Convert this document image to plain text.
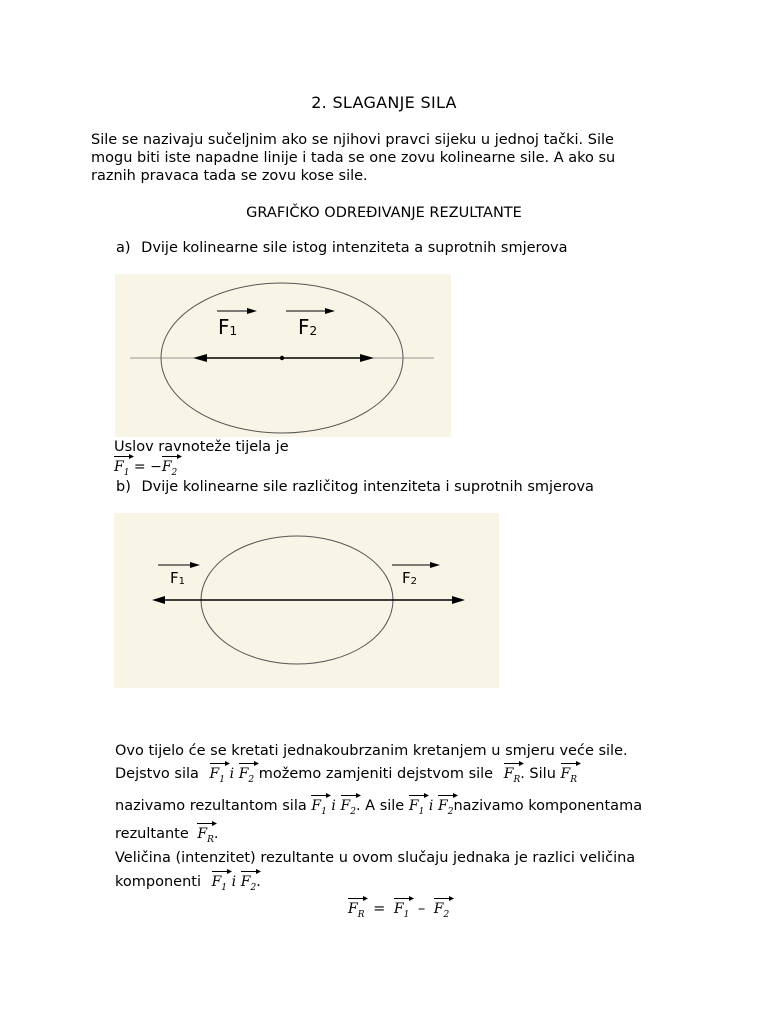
2. SLAGANJE SILA
Sile se nazivaju sučeljnim ako se njihovi pravci sijeku u jednoj tački. Sile
mogu biti iste napadne linije i tada se one zovu kolinearne sile. A ako su
raznih pravaca tada se zovu kose sile.
GRAFIČKO ODREĐIVANJE REZULTANTE
a) Dvije kolinearne sile istog intenziteta a suprotnih smjerova
F1	F2
Uslov ravnoteže tijela je
$F_1$ = −
$F_2$
b) Dvije kolinearne sile različitog intenziteta i suprotnih smjerova
F1	F2
Ovo tijelo će se kretati jednakoubrzanim kretanjem u smjeru veće sile.
Dejstvo sila $F_1$ i $F_2$ možemo zamjeniti dejstvom sile $F_R$. Silu $F_R$
nazivamo rezultantom sila $F_1$ i $F_2$. A sile $F_1$ i $F_2nazivamo$ komponentama
rezultante $F_R$.
Veličina (intenzitet) rezultante u ovom slučaju jednaka je razlici veličina
komponenti $F_1$ i $F_2$.
$F_R = F_1 - F_2$
